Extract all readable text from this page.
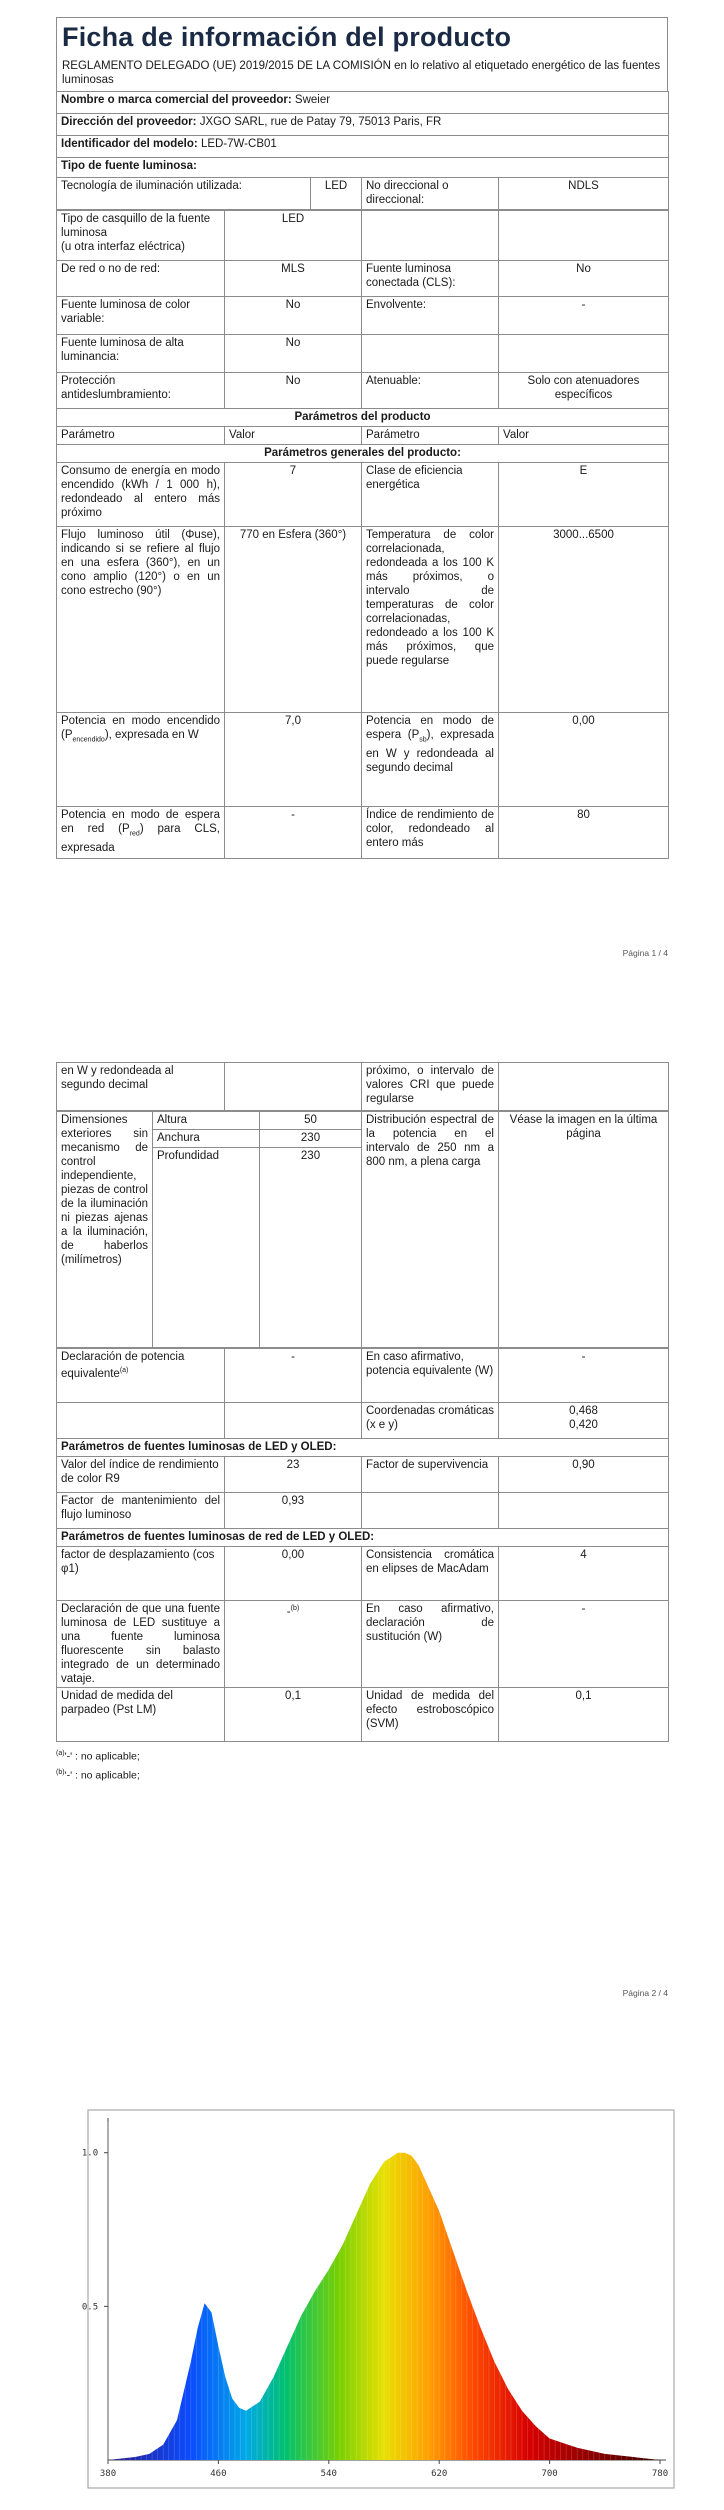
Ficha de información del producto
REGLAMENTO DELEGADO (UE) 2019/2015 DE LA COMISIÓN en lo relativo al etiquetado energético de las fuentes luminosas
Nombre o marca comercial del proveedor: Sweier
Dirección del proveedor: JXGO SARL, rue de Patay 79, 75013 Paris, FR
Identificador del modelo: LED-7W-CB01
Tipo de fuente luminosa:
Tecnología de iluminación utilizada:	LED	No direccional o direccional:	NDLS
Tipo de casquillo de la fuente luminosa
(u otra interfaz eléctrica)	LED		
De red o no de red:	MLS	Fuente luminosa conectada (CLS):	No
Fuente luminosa de color variable:	No	Envolvente:	-
Fuente luminosa de alta luminancia:	No		
Protección antideslumbramiento:	No	Atenuable:	Solo con atenuadores específicos
Parámetros del producto			
Parámetro	Valor	Parámetro	Valor
Parámetros generales del producto:			
Consumo de energía en modo encendido (kWh / 1 000 h), redondeado al entero más próximo	7	Clase de eficiencia energética	E
Flujo luminoso útil (Φuse), indicando si se refiere al flujo en una esfera (360°), en un cono amplio (120°) o en un cono estrecho (90°)	770 en Esfera (360°)	Temperatura de color correlacionada, redondeada a los 100 K más próximos, o intervalo de temperaturas de color correlacionadas, redondeado a los 100 K más próximos, que puede regularse	3000...6500
Potencia en modo encendido $(P_{encendido})$, expresada en W	7,0	Potencia en modo de espera $(P_{sb})$, expresada en W y redondeada al segundo decimal	0,00
Potencia en modo de espera en red $(P_{red})$ para CLS, expresada	-	Índice de rendimiento de color, redondeado al entero más	80
Página 1 / 4
en W y redondeada al segundo decimal		próximo, o intervalo de valores CRI que puede regularse	
Dimensiones exteriores sin mecanismo de control independiente, piezas de control de la iluminación ni piezas ajenas a la iluminación, de haberlos (milímetros)	Altura	50	Distribución espectral de la potencia en el intervalo de 250 nm a 800 nm, a plena carga	Véase la imagen en la última página
	Anchura	230		
	Profundidad	230		
Declaración de potencia equivalente$^{(a)}$	-	En caso afirmativo, potencia equivalente (W)	-
		Coordenadas cromáticas (x e y)	0,468
0,420
Parámetros de fuentes luminosas de LED y OLED:			
Valor del índice de rendimiento de color R9	23	Factor de supervivencia	0,90
Factor de mantenimiento del flujo luminoso	0,93		
Parámetros de fuentes luminosas de red de LED y OLED:			
factor de desplazamiento (cos φ1)	0,00	Consistencia cromática en elipses de MacAdam	4
Declaración de que una fuente luminosa de LED sustituye a una fuente luminosa fluorescente sin balasto integrado de un determinado vataje.	-$^{(b)}$	En caso afirmativo, declaración de sustitución (W)	-
Unidad de medida del parpadeo (Pst LM)	0,1	Unidad de medida del efecto estroboscópico (SVM)	0,1
$^{(a)}$'-' : no aplicable;
$^{(b)}$'-' : no aplicable;
Página 2 / 4
380	460	540	620	700	780
0.5
1.0
